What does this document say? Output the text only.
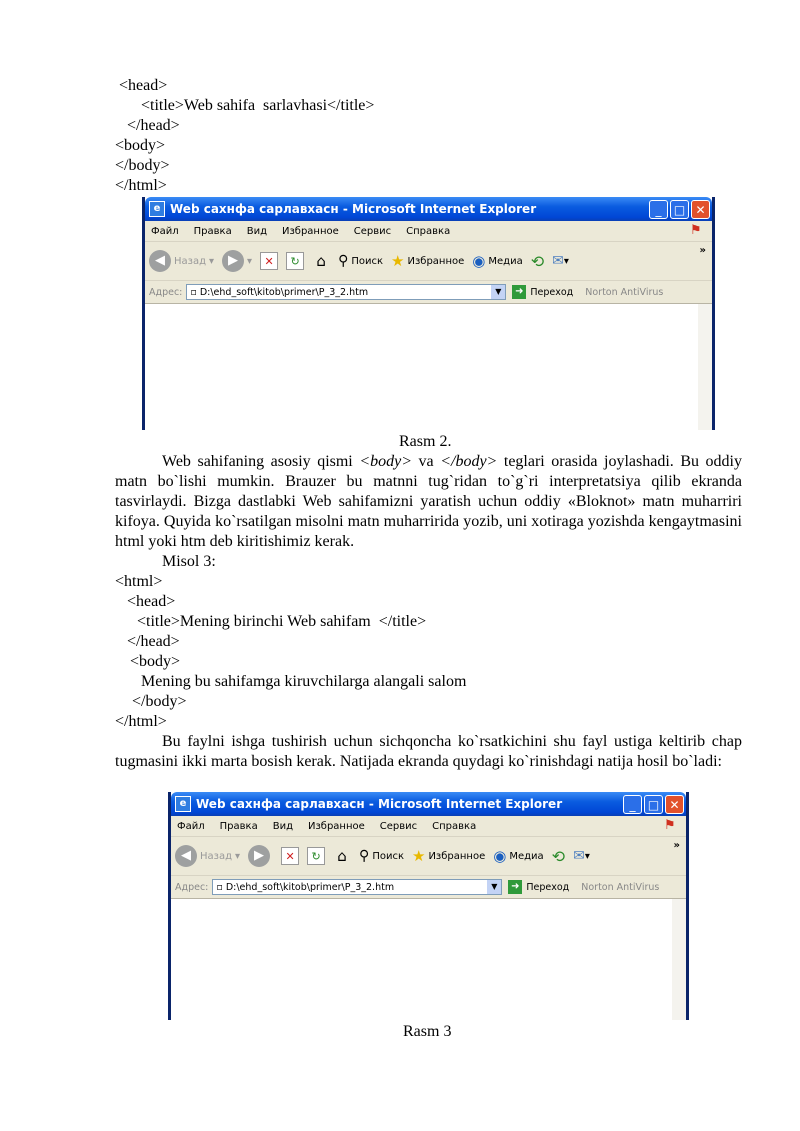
<head>
<title>Web sahifa  sarlavhasi</title>
</head>
<body>
</body>
</html>
e Web сахнфа сарлавхасн - Microsoft Internet Explorer	_	□ ✕
Файл Правка Вид Избранное Сервис Справка	⚑
◀ Назад ▾	▶ ▾	✕	↻ ⌂ ⚲ Поиск ★ Избранное ◉ Медиа ⟲ ✉ ▾
»
Адрес: ▫ D:\ehd_soft\kitob\primer\P_3_2.htm	▼	➜ Переход Norton AntiVirus
Rasm 2.
Web sahifaning asosiy qismi <body> va </body> teglari orasida joylashadi. Bu oddiy matn bo`lishi mumkin. Brauzer bu matnni tug`ridan to`g`ri interpretatsiya qilib ekranda tasvirlaydi. Bizga dastlabki Web sahifamizni yaratish uchun oddiy «Bloknot» matn muharriri kifoya. Quyida ko`rsatilgan misolni matn muharririda yozib, uni xotiraga yozishda kengaytmasini html yoki htm deb kiritishimiz kerak.
Misol 3:
<html>
<head>
<title>Mening birinchi Web sahifam  </title>
</head>
<body>
Mening bu sahifamga kiruvchilarga alangali salom
</body>
</html>
Bu faylni ishga tushirish uchun sichqoncha ko`rsatkichini shu fayl ustiga keltirib chap tugmasini ikki marta bosish kerak. Natijada ekranda quydagi ko`rinishdagi natija hosil bo`ladi:
e Web сахнфа сарлавхасн - Microsoft Internet Explorer	_	□ ✕
Файл Правка Вид Избранное Сервис Справка	⚑
◀ Назад ▾	▶	✕	↻ ⌂ ⚲ Поиск ★ Избранное ◉ Медиа ⟲ ✉ ▾
»
Адрес: ▫ D:\ehd_soft\kitob\primer\P_3_2.htm	▼	➜ Переход Norton AntiVirus
Rasm 3
